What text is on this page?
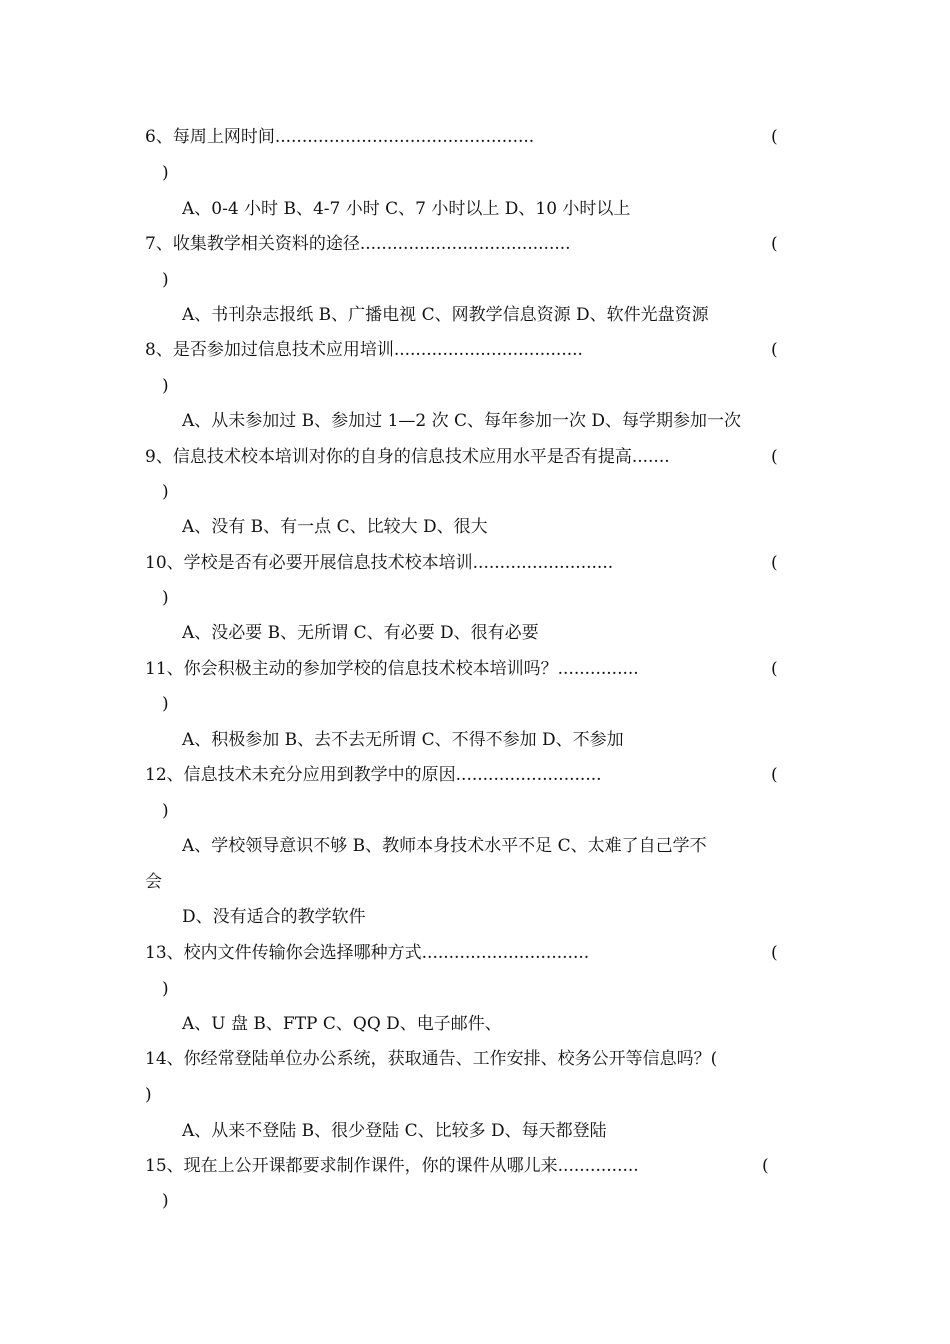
6、每周上网时间................................................	(
)
A、0-4 小时 B、4-7 小时 C、7 小时以上 D、10 小时以上
7、收集教学相关资料的途径.......................................	(
)
A、书刊杂志报纸 B、广播电视 C、网教学信息资源 D、软件光盘资源
8、是否参加过信息技术应用培训...................................	(
)
A、从未参加过 B、参加过 1—2 次 C、每年参加一次 D、每学期参加一次
9、信息技术校本培训对你的自身的信息技术应用水平是否有提高.......	(
)
A、没有 B、有一点 C、比较大 D、很大
10、学校是否有必要开展信息技术校本培训..........................	(
)
A、没必要 B、无所谓 C、有必要 D、很有必要
11、你会积极主动的参加学校的信息技术校本培训吗？...............	(
)
A、积极参加 B、去不去无所谓 C、不得不参加 D、不参加
12、信息技术未充分应用到教学中的原因...........................	(
)
A、学校领导意识不够 B、教师本身技术水平不足 C、太难了自己学不
会
D、没有适合的教学软件
13、校内文件传输你会选择哪种方式...............................	(
)
A、U 盘 B、FTP C、QQ D、电子邮件、
14、你经常登陆单位办公系统，获取通告、工作安排、校务公开等信息吗？(
)
A、从来不登陆 B、很少登陆 C、比较多 D、每天都登陆
15、现在上公开课都要求制作课件，你的课件从哪儿来...............	(
)
